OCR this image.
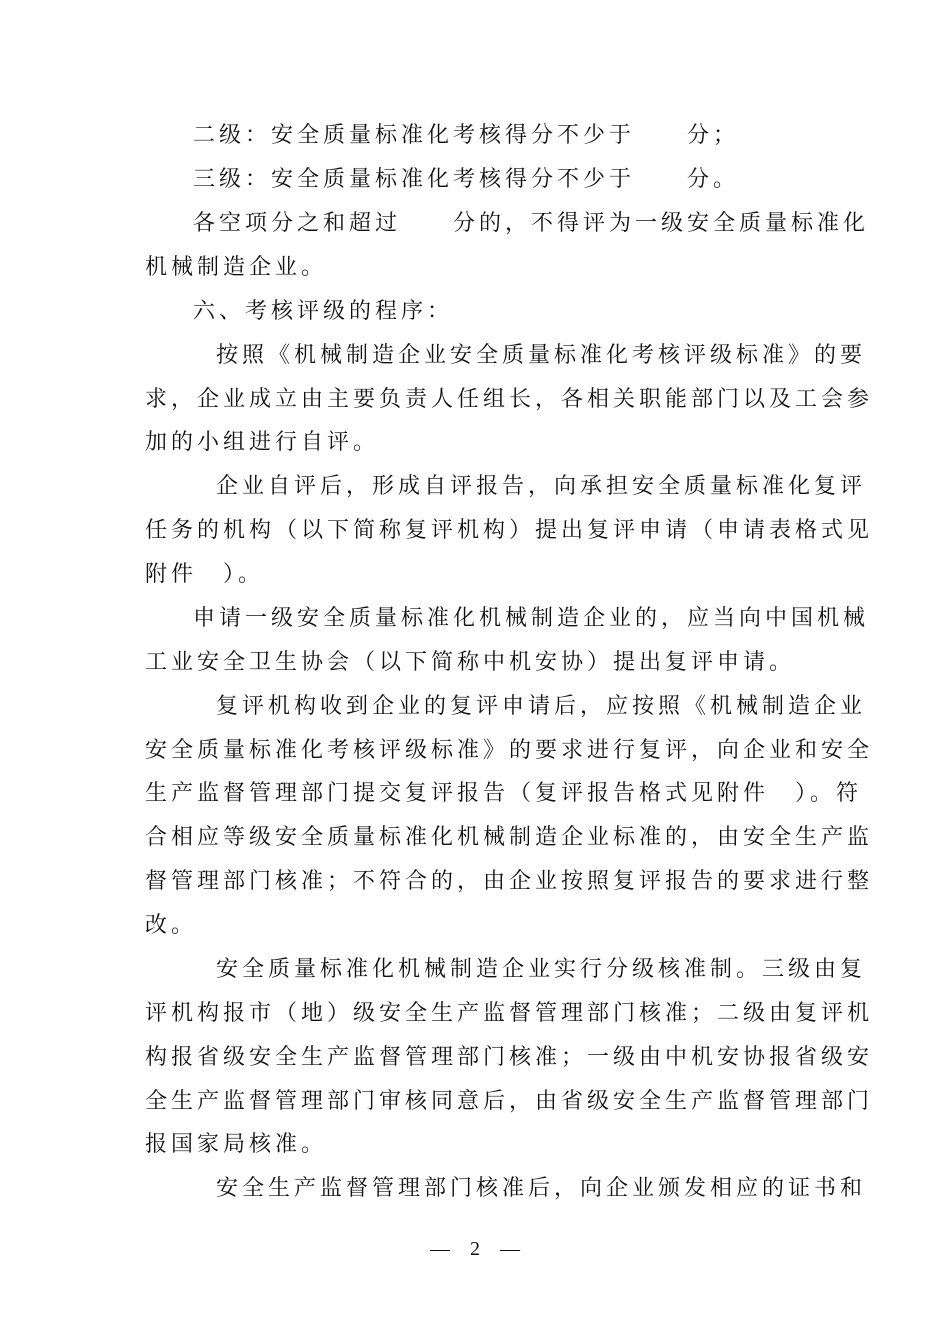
二级：安全质量标准化考核得分不少于　　分；
三级：安全质量标准化考核得分不少于　　分。
各空项分之和超过　　分的，不得评为一级安全质量标准化
机械制造企业。
六、考核评级的程序：
按照《机械制造企业安全质量标准化考核评级标准》的要
求，企业成立由主要负责人任组长，各相关职能部门以及工会参
加的小组进行自评。
企业自评后，形成自评报告，向承担安全质量标准化复评
任务的机构（以下简称复评机构）提出复评申请（申请表格式见
附件　）。
申请一级安全质量标准化机械制造企业的，应当向中国机械
工业安全卫生协会（以下简称中机安协）提出复评申请。
复评机构收到企业的复评申请后，应按照《机械制造企业
安全质量标准化考核评级标准》的要求进行复评，向企业和安全
生产监督管理部门提交复评报告（复评报告格式见附件　）。符
合相应等级安全质量标准化机械制造企业标准的，由安全生产监
督管理部门核准；不符合的，由企业按照复评报告的要求进行整
改。
安全质量标准化机械制造企业实行分级核准制。三级由复
评机构报市（地）级安全生产监督管理部门核准；二级由复评机
构报省级安全生产监督管理部门核准；一级由中机安协报省级安
全生产监督管理部门审核同意后，由省级安全生产监督管理部门
报国家局核准。
安全生产监督管理部门核准后，向企业颁发相应的证书和
—　2　—
